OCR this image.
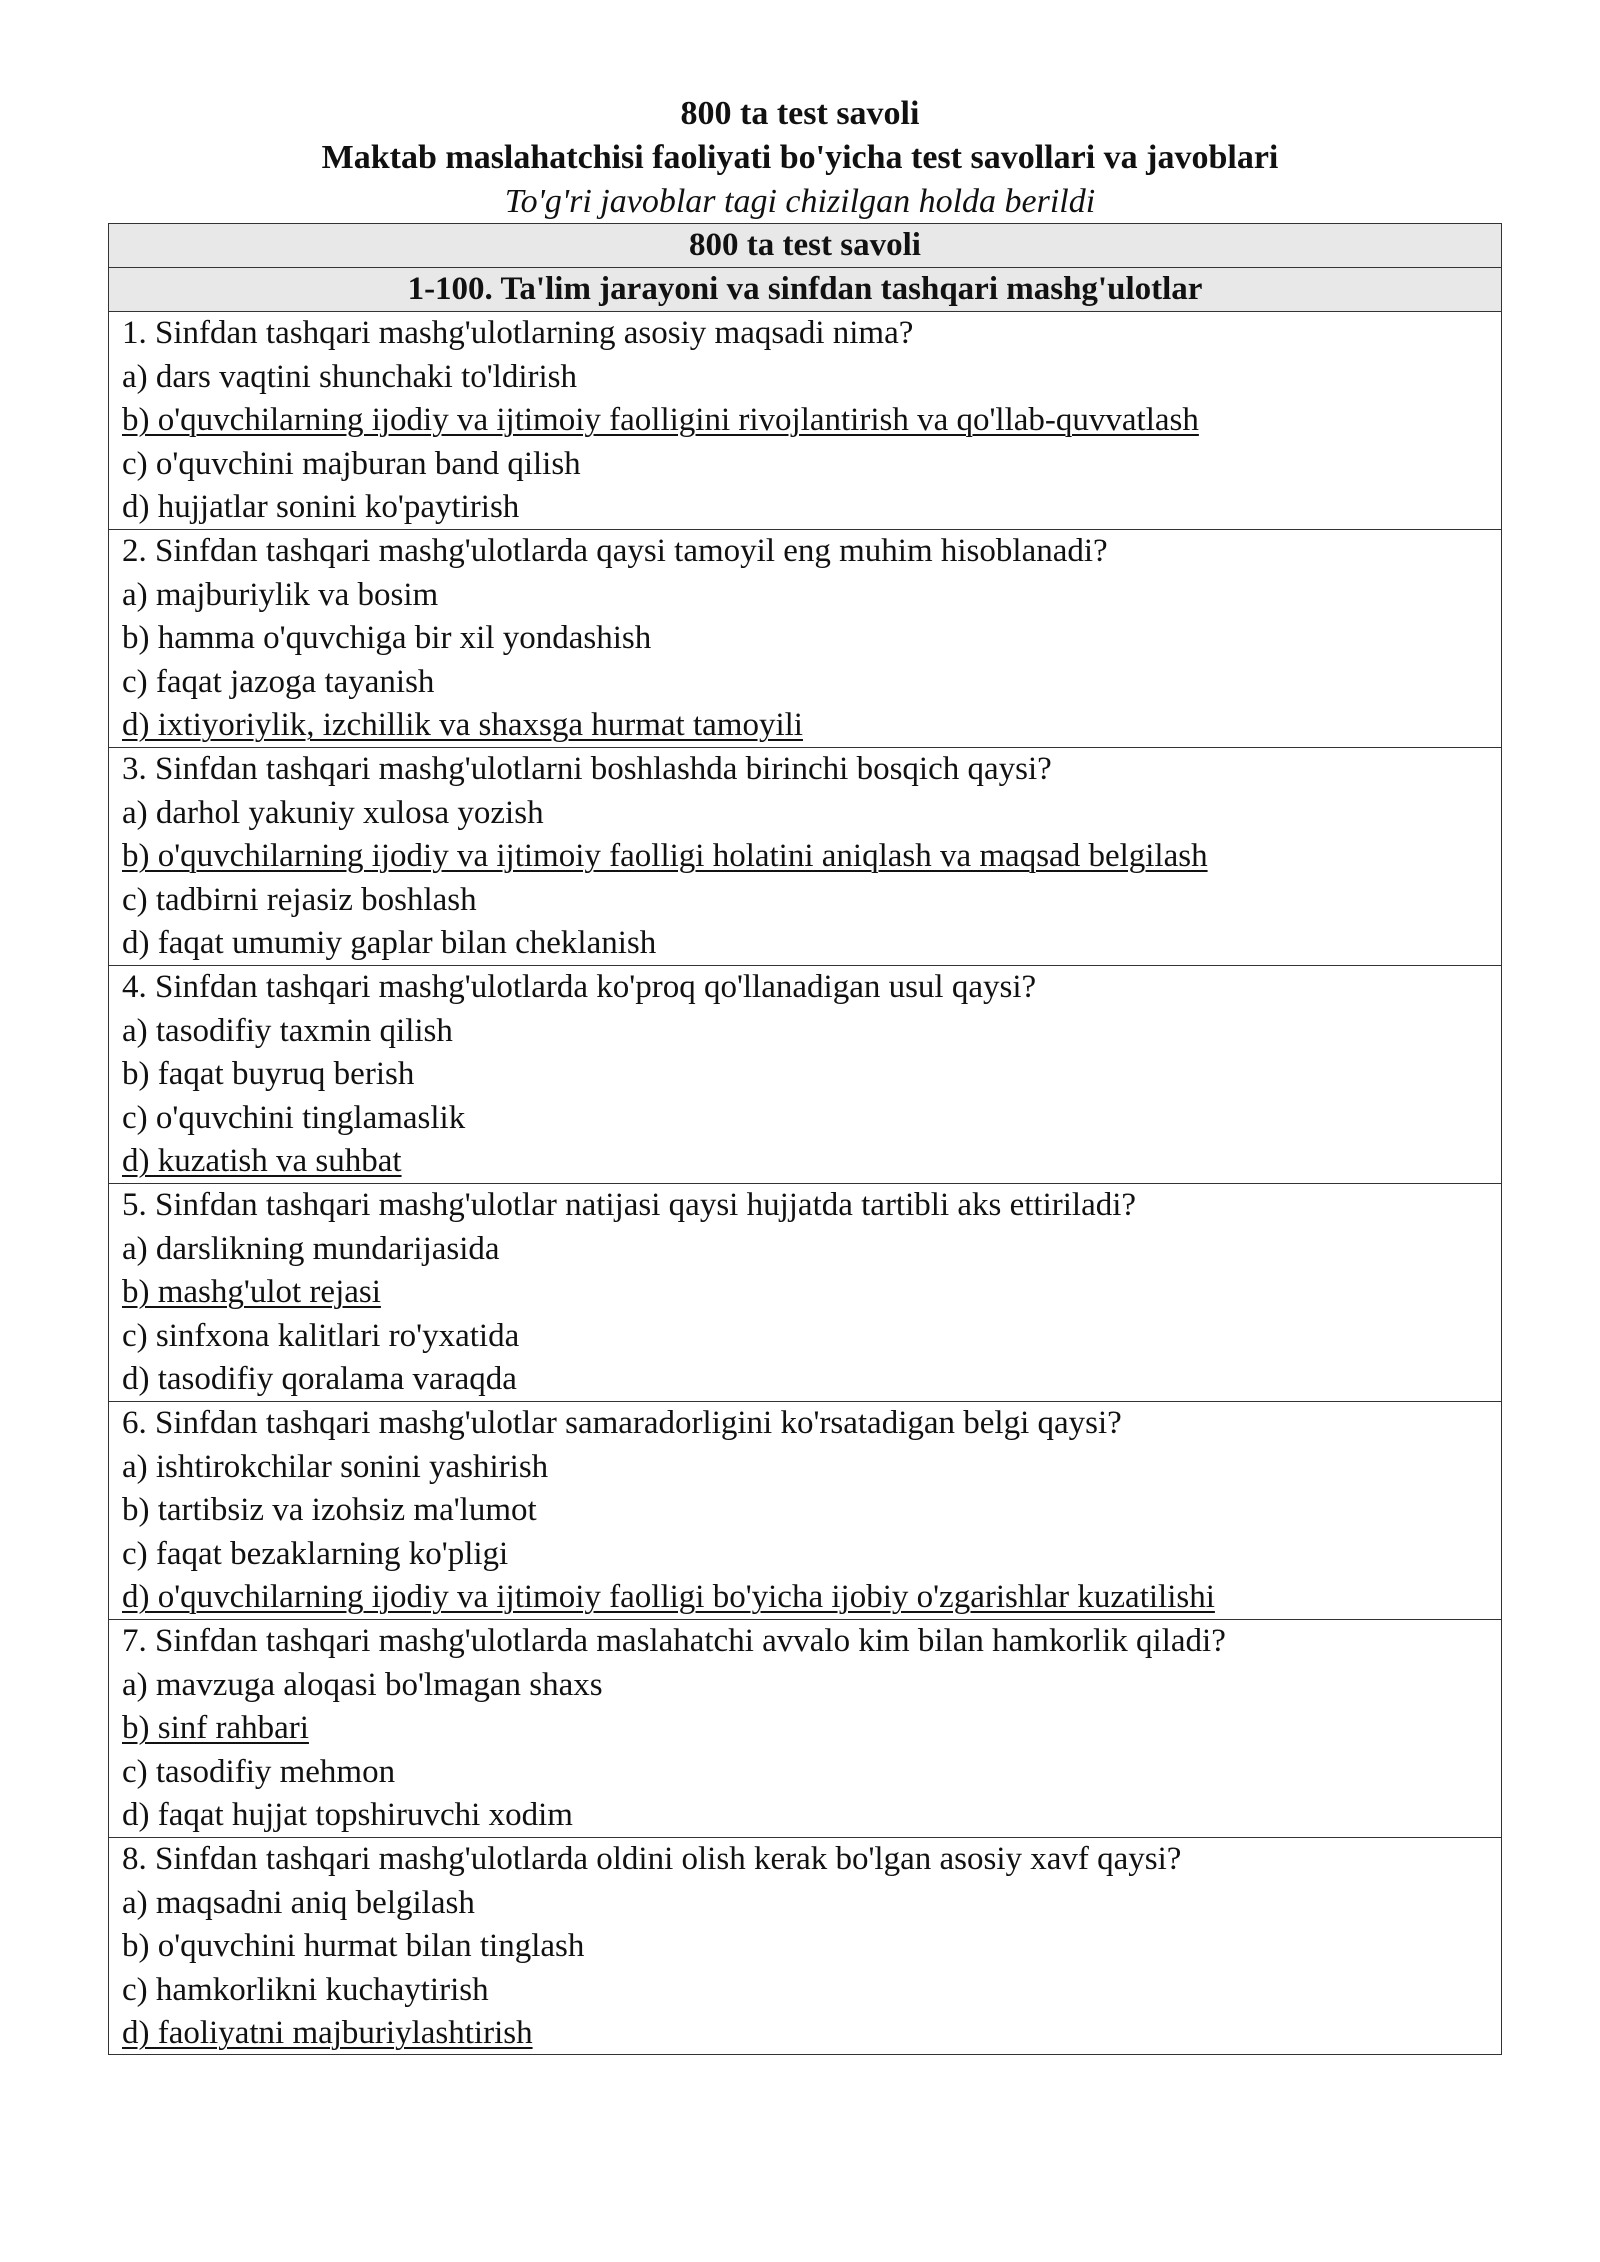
800 ta test savoli
Maktab maslahatchisi faoliyati bo'yicha test savollari va javoblari
To'g'ri javoblar tagi chizilgan holda berildi
800 ta test savoli
1-100. Ta'lim jarayoni va sinfdan tashqari mashg'ulotlar
1. Sinfdan tashqari mashg'ulotlarning asosiy maqsadi nima?
a) dars vaqtini shunchaki to'ldirish
b) o'quvchilarning ijodiy va ijtimoiy faolligini rivojlantirish va qo'llab-quvvatlash
c) o'quvchini majburan band qilish
d) hujjatlar sonini ko'paytirish
2. Sinfdan tashqari mashg'ulotlarda qaysi tamoyil eng muhim hisoblanadi?
a) majburiylik va bosim
b) hamma o'quvchiga bir xil yondashish
c) faqat jazoga tayanish
d) ixtiyoriylik, izchillik va shaxsga hurmat tamoyili
3. Sinfdan tashqari mashg'ulotlarni boshlashda birinchi bosqich qaysi?
a) darhol yakuniy xulosa yozish
b) o'quvchilarning ijodiy va ijtimoiy faolligi holatini aniqlash va maqsad belgilash
c) tadbirni rejasiz boshlash
d) faqat umumiy gaplar bilan cheklanish
4. Sinfdan tashqari mashg'ulotlarda ko'proq qo'llanadigan usul qaysi?
a) tasodifiy taxmin qilish
b) faqat buyruq berish
c) o'quvchini tinglamaslik
d) kuzatish va suhbat
5. Sinfdan tashqari mashg'ulotlar natijasi qaysi hujjatda tartibli aks ettiriladi?
a) darslikning mundarijasida
b) mashg'ulot rejasi
c) sinfxona kalitlari ro'yxatida
d) tasodifiy qoralama varaqda
6. Sinfdan tashqari mashg'ulotlar samaradorligini ko'rsatadigan belgi qaysi?
a) ishtirokchilar sonini yashirish
b) tartibsiz va izohsiz ma'lumot
c) faqat bezaklarning ko'pligi
d) o'quvchilarning ijodiy va ijtimoiy faolligi bo'yicha ijobiy o'zgarishlar kuzatilishi
7. Sinfdan tashqari mashg'ulotlarda maslahatchi avvalo kim bilan hamkorlik qiladi?
a) mavzuga aloqasi bo'lmagan shaxs
b) sinf rahbari
c) tasodifiy mehmon
d) faqat hujjat topshiruvchi xodim
8. Sinfdan tashqari mashg'ulotlarda oldini olish kerak bo'lgan asosiy xavf qaysi?
a) maqsadni aniq belgilash
b) o'quvchini hurmat bilan tinglash
c) hamkorlikni kuchaytirish
d) faoliyatni majburiylashtirish
